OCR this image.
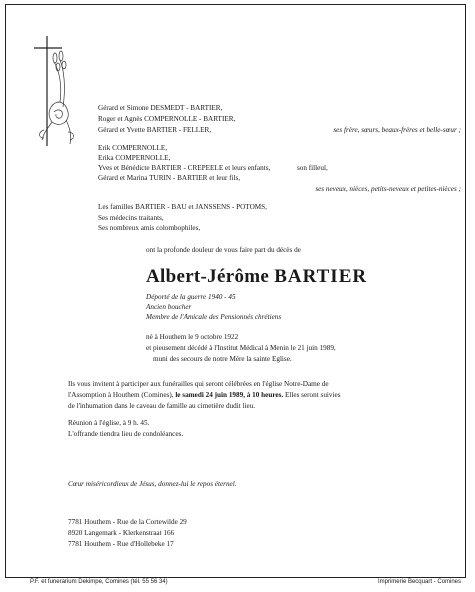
Gérard et Simone DESMEDT - BARTIER,
Roger et Agnès COMPERNOLLE - BARTIER,
Gérard et Yvette BARTIER - FELLER,	ses frère, sœurs, beaux-frères et belle-sœur ;
Erik COMPERNOLLE,
Erika COMPERNOLLE,
Yves et Bénédicte BARTIER - CREPEELE et leurs enfants,	son filleul,
Gérard et Marina TURIN - BARTIER et leur fils,
ses neveux, nièces, petits-neveux et petites-nièces ;
Les familles BARTIER - BAU et JANSSENS - POTOMS,
Ses médecins traitants,
Ses nombreux amis colombophiles,
ont la profonde douleur de vous faire part du décès de
Albert-Jérôme BARTIER
Déporté de la guerre 1940 - 45
Ancien boucher
Membre de l'Amicale des Pensionnés chrétiens
né à Houthem le 9 octobre 1922
et pieusement décédé à l'Institut Médical à Menin le 21 juin 1989,
muni des secours de notre Mère la sainte Eglise.
Ils vous invitent à participer aux funérailles qui seront célébrées en l'église Notre-Dame de
l'Assomption à Houthem (Comines), le samedi 24 juin 1989, à 10 heures. Elles seront suivies
de l'inhumation dans le caveau de famille au cimetière dudit lieu.
Réunion à l'église, à 9 h. 45.
L'offrande tiendra lieu de condoléances.
Cœur miséricordieux de Jésus, donnez-lui le repos éternel.
7781 Houthem - Rue de la Cortewilde 29
8920 Langemark - Klerkenstraat 166
7781 Houthem - Rue d'Hollebeke 17
P.F. et funerarium Dekimpe, Comines (tél. 55 56 34)	Imprimerie Becquart - Comines
